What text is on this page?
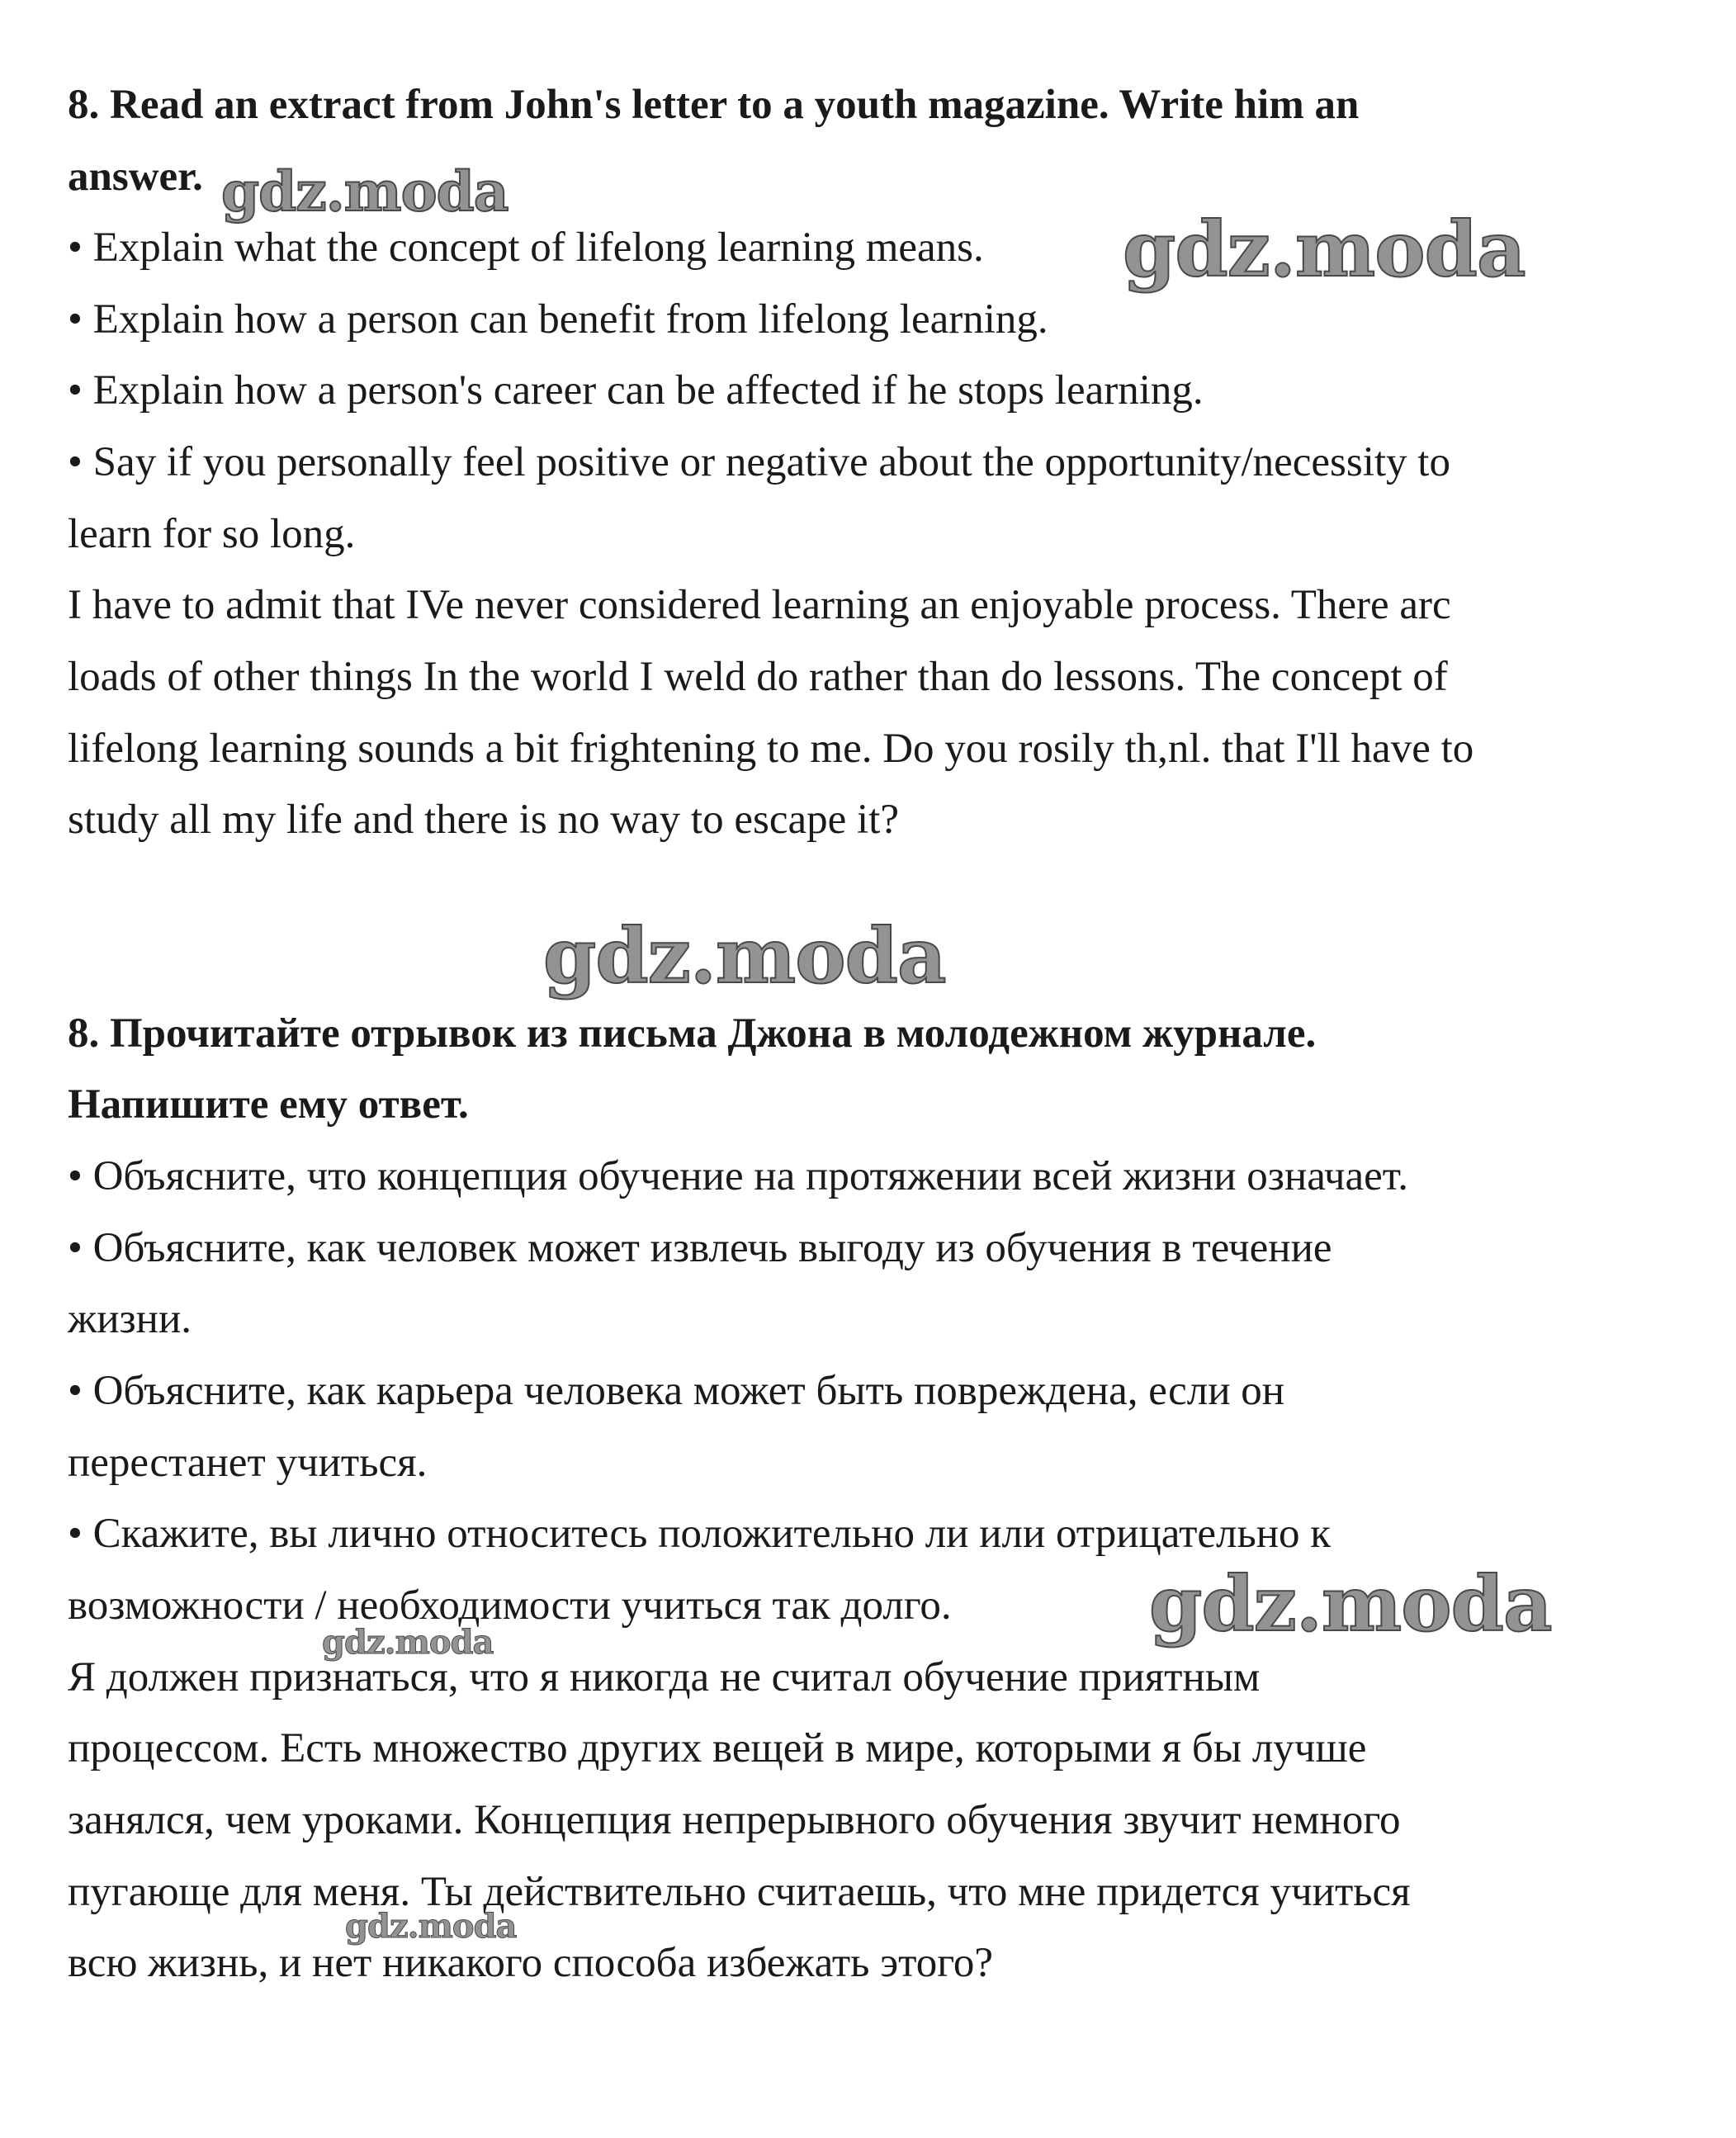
8. Read an extract from John's letter to a youth magazine. Write him an
answer.
• Explain what the concept of lifelong learning means.
• Explain how a person can benefit from lifelong learning.
• Explain how a person's career can be affected if he stops learning.
• Say if you personally feel positive or negative about the opportunity/necessity to
learn for so long.
I have to admit that IVe never considered learning an enjoyable process. There arc
loads of other things In the world I weld do rather than do lessons. The concept of
lifelong learning sounds a bit frightening to me. Do you rosily th,nl. that I'll have to
study all my life and there is no way to escape it?
8. Прочитайте отрывок из письма Джона в молодежном журнале.
Напишите ему ответ.
• Объясните, что концепция обучение на протяжении всей жизни означает.
• Объясните, как человек может извлечь выгоду из обучения в течение
жизни.
• Объясните, как карьера человека может быть повреждена, если он
перестанет учиться.
• Скажите, вы лично относитесь положительно ли или отрицательно к
возможности / необходимости учиться так долго.
Я должен признаться, что я никогда не считал обучение приятным
процессом. Есть множество других вещей в мире, которыми я бы лучше
занялся, чем уроками. Концепция непрерывного обучения звучит немного
пугающе для меня. Ты действительно считаешь, что мне придется учиться
всю жизнь, и нет никакого способа избежать этого?
gdz.moda
gdz.moda
gdz.moda
gdz.moda
gdz.moda
gdz.moda
